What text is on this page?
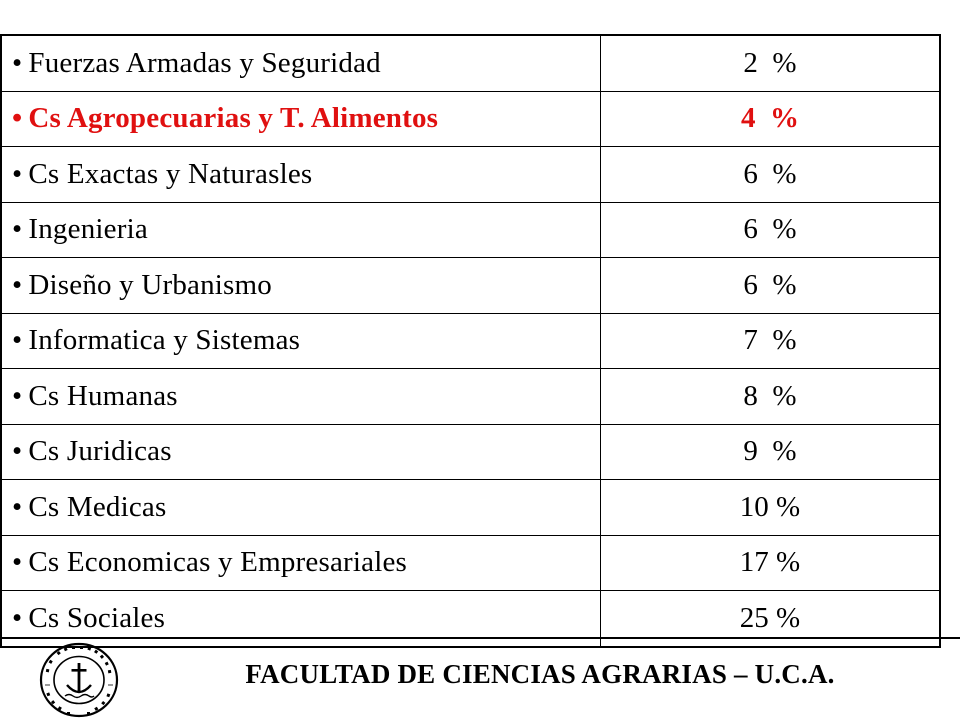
• Fuerzas Armadas y Seguridad	2  %
• Cs Agropecuarias y T. Alimentos	4  %
• Cs Exactas y Naturasles	6  %
• Ingenieria	6  %
• Diseño y Urbanismo	6  %
• Informatica y Sistemas	7  %
• Cs Humanas	8  %
• Cs Juridicas	9  %
• Cs Medicas	10 %
• Cs Economicas y Empresariales	17 %
• Cs Sociales	25 %
FACULTAD DE CIENCIAS AGRARIAS – U.C.A.
